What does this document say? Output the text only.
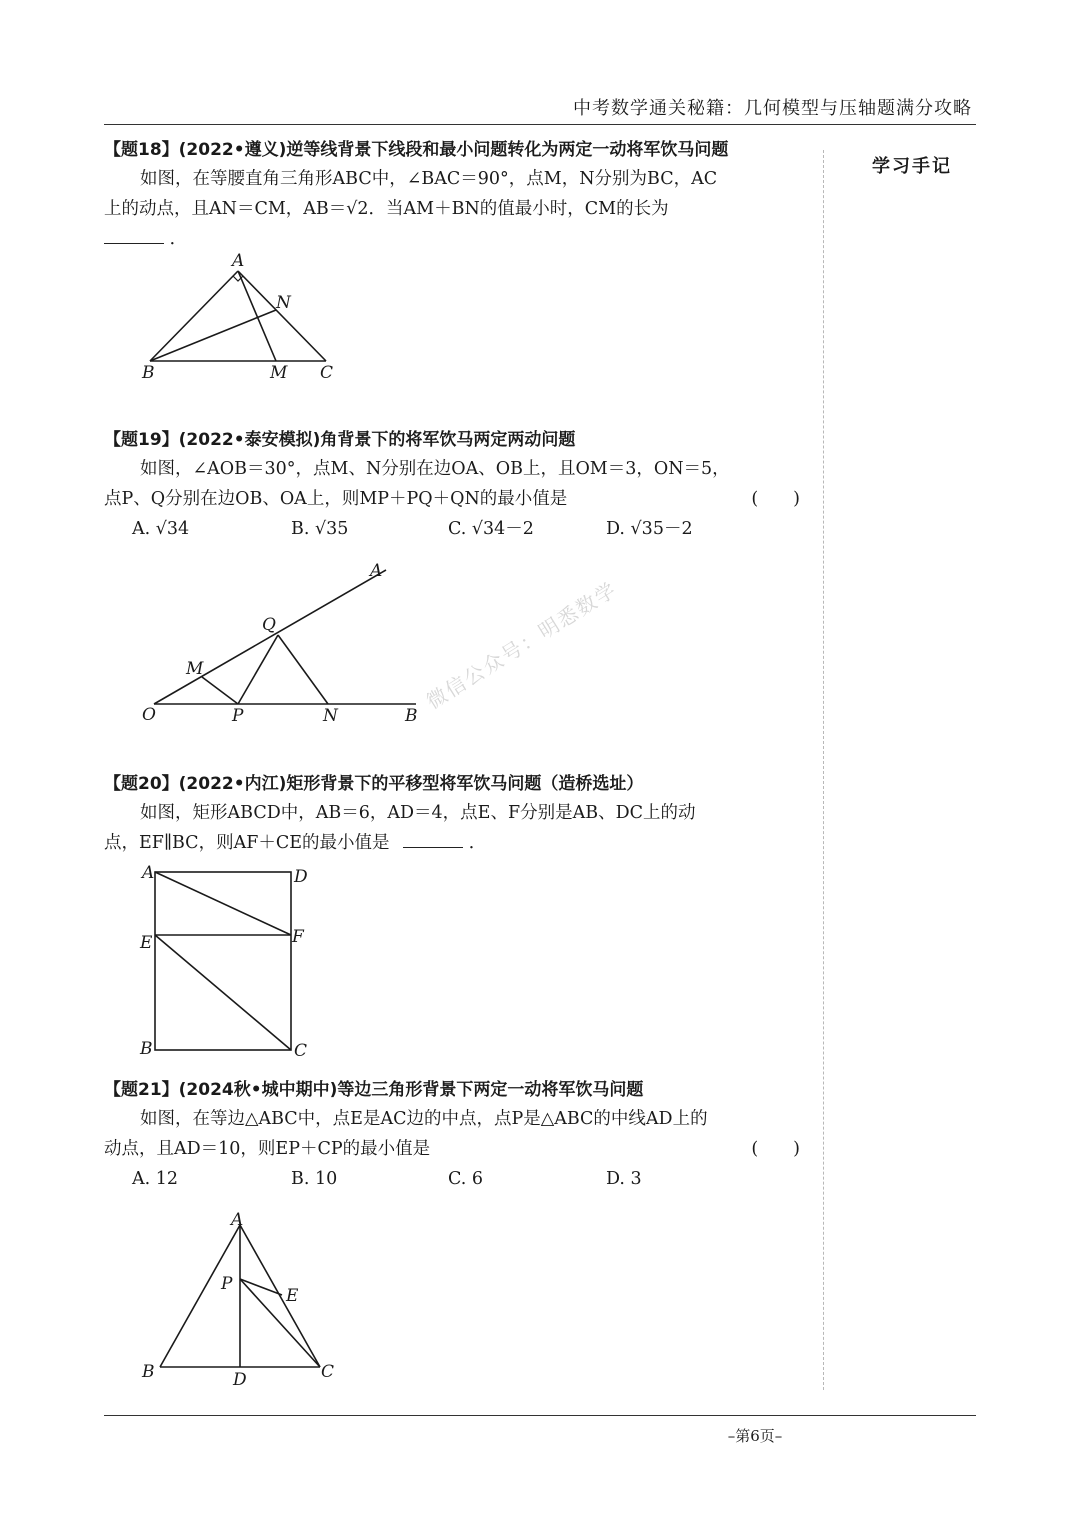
中考数学通关秘籍：几何模型与压轴题满分攻略
学习手记
微信公众号：明悉数学
【题18】(2022•遵义)逆等线背景下线段和最小问题转化为两定一动将军饮马问题
如图，在等腰直角三角形ABC中，∠BAC＝90°，点M，N分别为BC，AC
上的动点，且AN＝CM，AB＝√2．当AM＋BN的值最小时，CM的长为
．
A
N
B	M C
【题19】(2022•泰安模拟)角背景下的将军饮马两定两动问题
如图，∠AOB＝30°，点M、N分别在边OA、OB上，且OM＝3，ON＝5，
点P、Q分别在边OB、OA上，则MP＋PQ＋QN的最小值是	(　　)
A. √34	B. √35	C. √34－2	D. √35－2
A
Q
M
O	P	N	B
【题20】(2022•内江)矩形背景下的平移型将军饮马问题（造桥选址）
如图，矩形ABCD中，AB＝6，AD＝4，点E、F分别是AB、DC上的动
点，EF∥BC，则AF＋CE的最小值是	．
A	D
E	F
B	C
【题21】(2024秋•城中期中)等边三角形背景下两定一动将军饮马问题
如图，在等边△ABC中，点E是AC边的中点，点P是△ABC的中线AD上的
动点，且AD＝10，则EP＋CP的最小值是	(　　)
A. 12	B. 10	C. 6	D. 3
A
P
E
B	D	C
–第6页–
